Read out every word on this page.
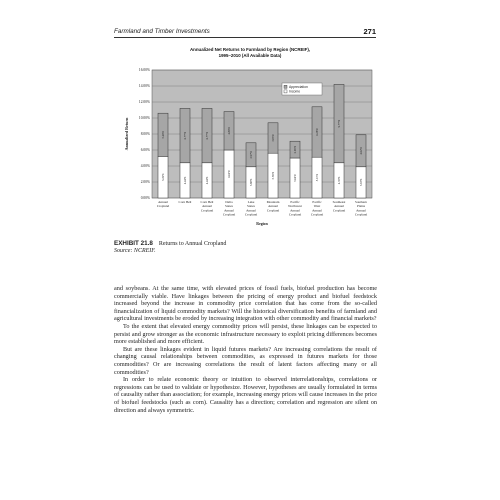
Farmland and Timber Investments	271
Annualized Net Returns to Farmland by Region (NCREIF),
1995–2010 (All Available Data)
0.00%
2.00%
4.00%
6.00%
8.00%
10.00%
12.00%
14.00%
16.00%
Annualized Return
5.22%
5.40%
Annual
Cropland
4.44%
6.77%
Corn Belt
4.44%
6.77%
Corn Belt
Annual
Cropland
6.02%
4.80%
Delta
States
Annual
Cropland
3.88%
2.97%
Lake
States
Annual
Cropland
5.59%
3.83%
Mountain
Annual
Cropland
5.04%
2.05%
Pacific
Northwest
Annual
Cropland
5.11%
6.28%
Pacific
West
Annual
Cropland
4.35%
9.77%
Southeast
Annual
Cropland
3.93%
4.02%
Southern
Plains
Annual
Cropland
Region
Appreciation
Income
EXHIBIT 21.8 Returns to Annual Cropland
Source: NCREIF.

and soybeans. At the same time, with elevated prices of fossil fuels, biofuel production has become commercially viable. Have linkages between the pricing of energy product and biofuel feedstock increased beyond the increase in commodity price correlation that has come from the so-called financialization of liquid commodity markets? Will the historical diversification benefits of farmland and agricultural investments be eroded by increasing integration with other commodity and financial markets?

To the extent that elevated energy commodity prices will persist, these linkages can be expected to persist and grow stronger as the economic infrastructure necessary to exploit pricing differences becomes more established and more efficient.

But are these linkages evident in liquid futures markets? Are increasing correlations the result of changing causal relationships between commodities, as expressed in futures markets for those commodities? Or are increasing correlations the result of latent factors affecting many or all commodities?

In order to relate economic theory or intuition to observed interrelationships, correlations or regressions can be used to validate or hypothesize. However, hypotheses are usually formulated in terms of causality rather than association; for example, increasing energy prices will cause increases in the price of biofuel feedstocks (such as corn). Causality has a direction; correlation and regression are silent on direction and always symmetric.
